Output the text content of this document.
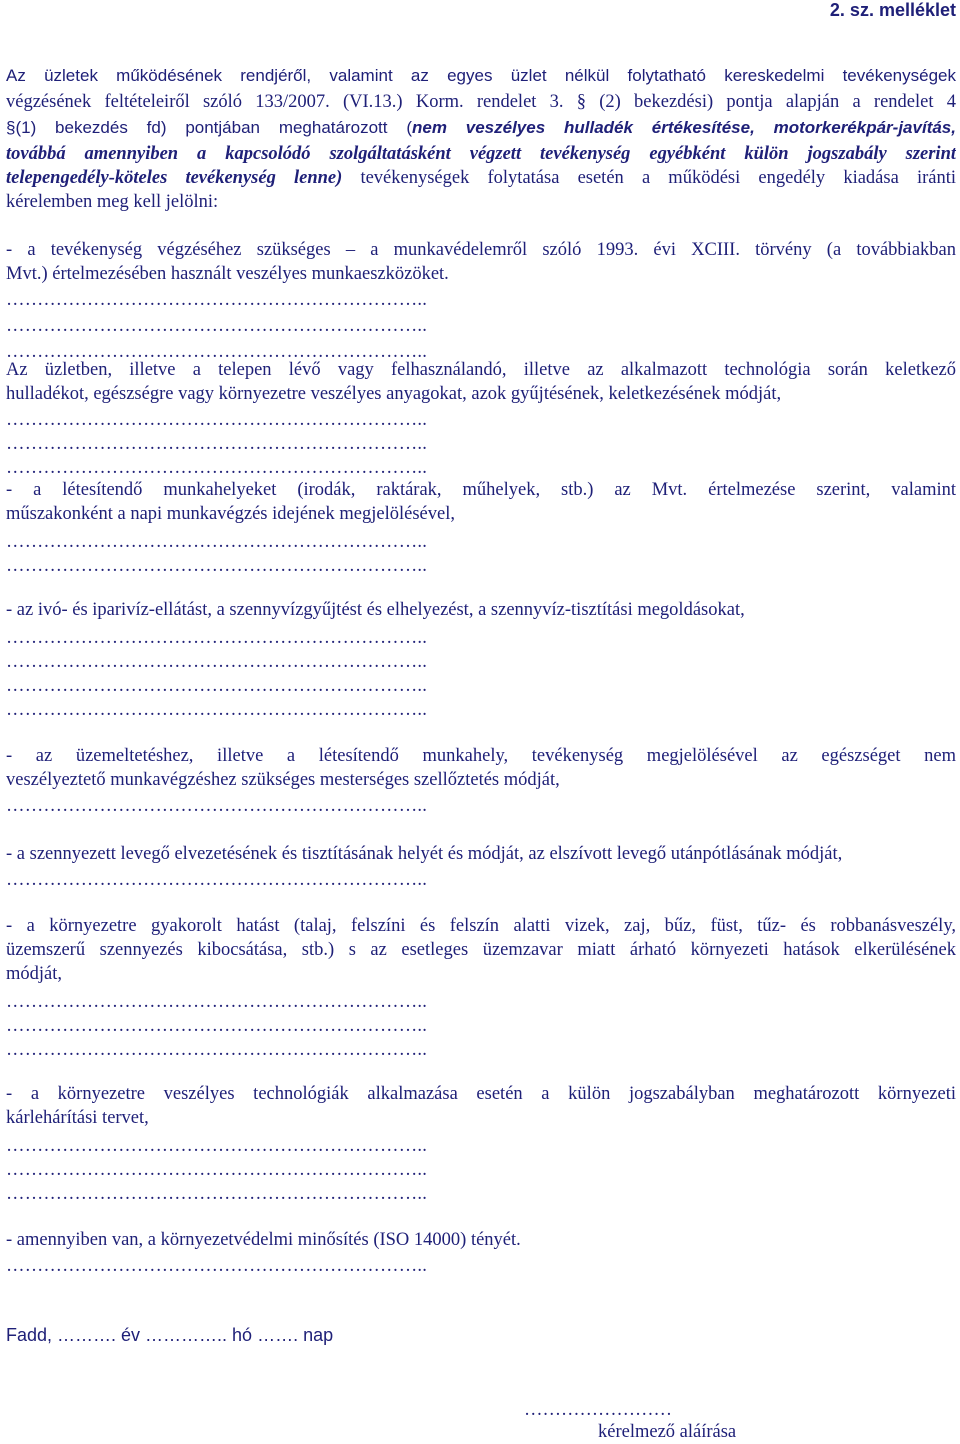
2. sz. melléklet
Az üzletek működésének rendjéről, valamint az egyes üzlet nélkül folytatható kereskedelmi tevékenységek
végzésének feltételeiről szóló 133/2007. (VI.13.) Korm. rendelet 3. § (2) bekezdési) pontja alapján a rendelet 4
§(1) bekezdés fd) pontjában meghatározott (nem veszélyes hulladék értékesítése, motorkerékpár-javítás,
továbbá amennyiben a kapcsolódó szolgáltatásként végzett tevékenység egyébként külön jogszabály szerint
telepengedély-köteles tevékenység lenne) tevékenységek folytatása esetén a működési engedély kiadása iránti
kérelemben meg kell jelölni:
- a tevékenység végzéséhez szükséges – a munkavédelemről szóló 1993. évi XCIII. törvény (a továbbiakban
Mvt.) értelmezésében használt veszélyes munkaeszközöket.
…………………………………………………………..
…………………………………………………………..
…………………………………………………………..
Az üzletben, illetve a telepen lévő vagy felhasználandó, illetve az alkalmazott technológia során keletkező
hulladékot, egészségre vagy környezetre veszélyes anyagokat, azok gyűjtésének, keletkezésének módját,
…………………………………………………………..
…………………………………………………………..
…………………………………………………………..
- a létesítendő munkahelyeket (irodák, raktárak, műhelyek, stb.) az Mvt. értelmezése szerint, valamint
műszakonként a napi munkavégzés idejének megjelölésével,
…………………………………………………………..
…………………………………………………………..
- az ivó- és iparivíz-ellátást, a szennyvízgyűjtést és elhelyezést, a szennyvíz-tisztítási megoldásokat,
…………………………………………………………..
…………………………………………………………..
…………………………………………………………..
…………………………………………………………..
- az üzemeltetéshez, illetve a létesítendő munkahely, tevékenység megjelölésével az egészséget nem
veszélyeztető munkavégzéshez szükséges mesterséges szellőztetés módját,
…………………………………………………………..
- a szennyezett levegő elvezetésének és tisztításának helyét és módját, az elszívott levegő utánpótlásának módját,
…………………………………………………………..
- a környezetre gyakorolt hatást (talaj, felszíni és felszín alatti vizek, zaj, bűz, füst, tűz- és robbanásveszély,
üzemszerű szennyezés kibocsátása, stb.) s az esetleges üzemzavar miatt árható környezeti hatások elkerülésének
módját,
…………………………………………………………..
…………………………………………………………..
…………………………………………………………..
- a környezetre veszélyes technológiák alkalmazása esetén a külön jogszabályban meghatározott környezeti
kárlehárítási tervet,
…………………………………………………………..
…………………………………………………………..
…………………………………………………………..
- amennyiben van, a környezetvédelmi minősítés (ISO 14000) tényét.
…………………………………………………………..
Fadd, ………. év ………….. hó ……. nap
……………………
kérelmező aláírása
